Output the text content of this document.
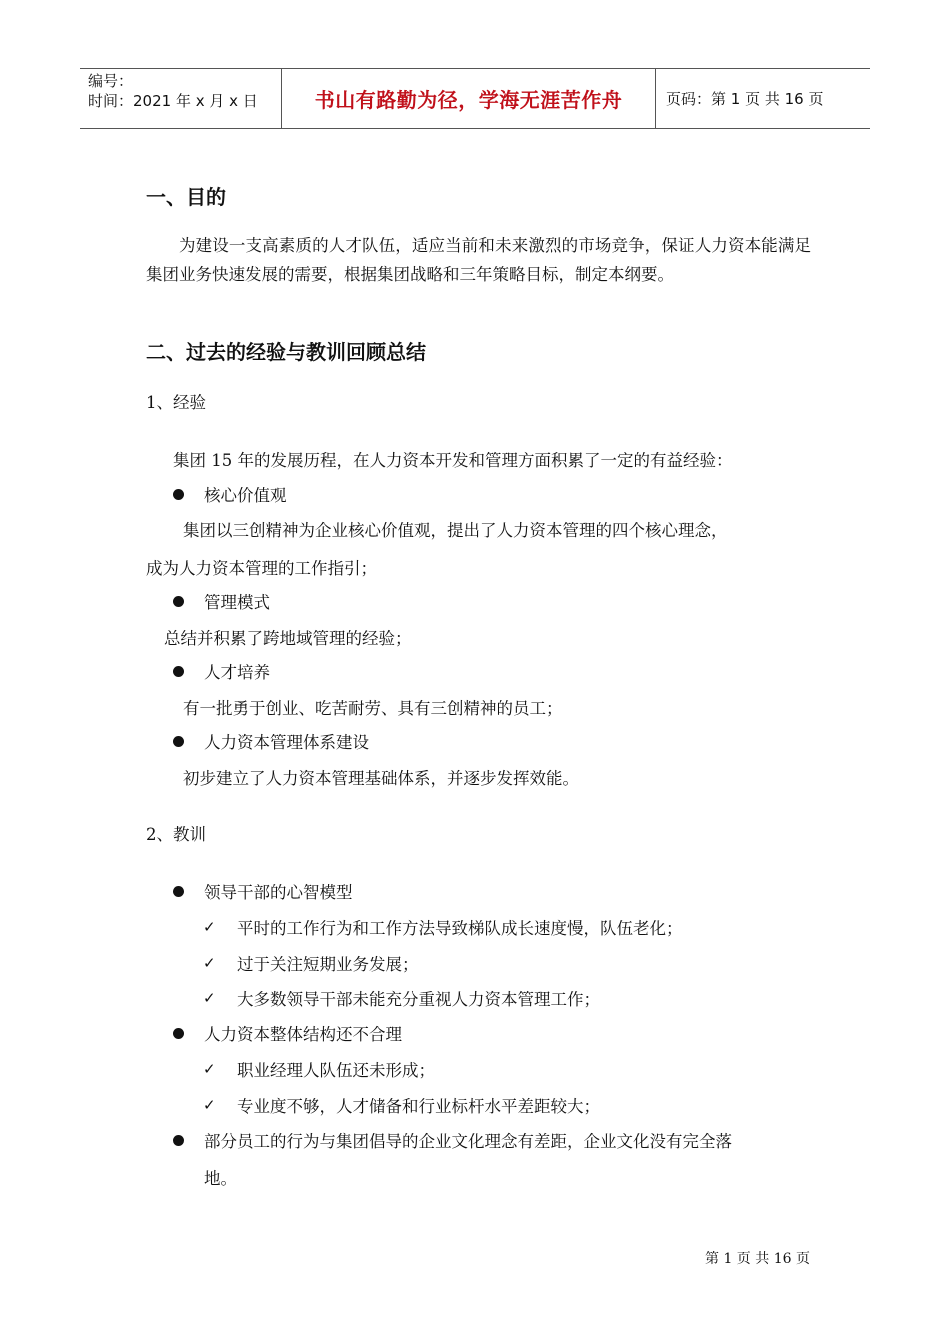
编号：
时间：2021 年 x 月 x 日	书山有路勤为径，学海无涯苦作舟	页码：第 1 页 共 16 页
一、目的
为建设一支高素质的人才队伍，适应当前和未来激烈的市场竞争，保证人力资本能满足集团业务快速发展的需要，根据集团战略和三年策略目标，制定本纲要。
二、过去的经验与教训回顾总结
1、经验
集团 15 年的发展历程，在人力资本开发和管理方面积累了一定的有益经验：
核心价值观
集团以三创精神为企业核心价值观，提出了人力资本管理的四个核心理念，
成为人力资本管理的工作指引；
管理模式
总结并积累了跨地域管理的经验；
人才培养
有一批勇于创业、吃苦耐劳、具有三创精神的员工；
人力资本管理体系建设
初步建立了人力资本管理基础体系，并逐步发挥效能。
2、教训
领导干部的心智模型
✓	平时的工作行为和工作方法导致梯队成长速度慢，队伍老化；
✓	过于关注短期业务发展；
✓	大多数领导干部未能充分重视人力资本管理工作；
人力资本整体结构还不合理
✓	职业经理人队伍还未形成；
✓	专业度不够，人才储备和行业标杆水平差距较大；
部分员工的行为与集团倡导的企业文化理念有差距，企业文化没有完全落
地。
第 1 页 共 16 页
